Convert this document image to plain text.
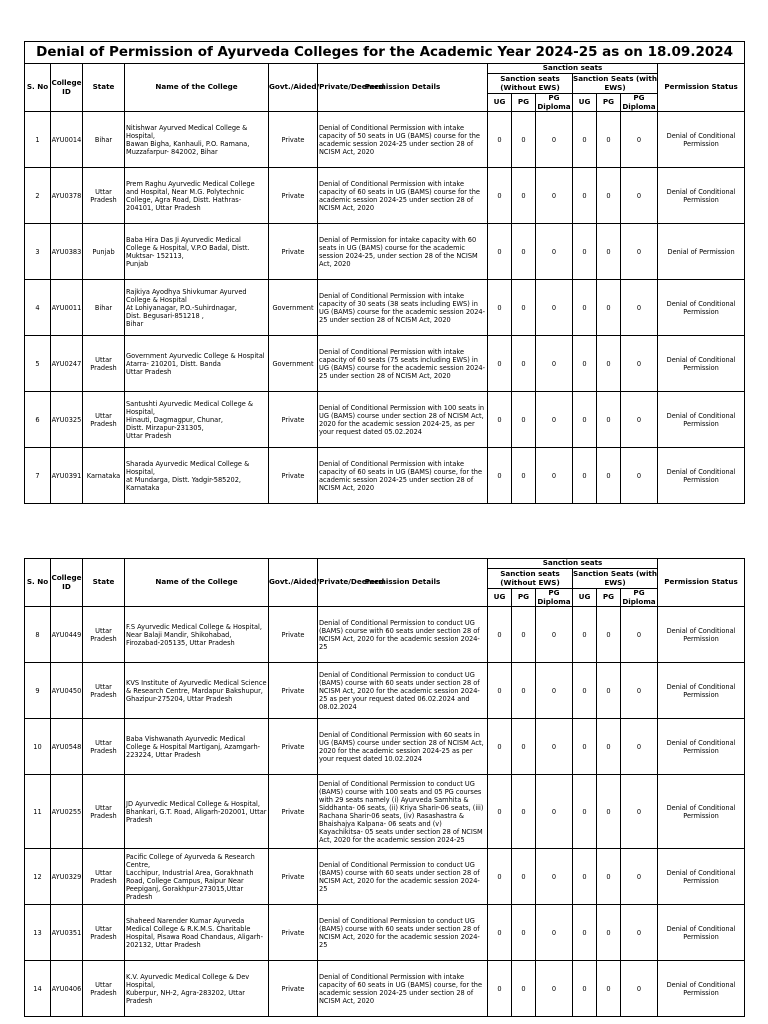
Denial of Permission of Ayurveda Colleges for the Academic Year 2024-25 as on 18.09.2024												
S. No	College ID	State	Name of the College	Govt./Aided/Private/Deemed	Permission Details	Sanction seats						Permission Status
						Sanction seats (Without EWS)			Sanction Seats (with EWS)			
						UG	PG	PG Diploma	UG	PG	PG Diploma	
1	AYU0014	Bihar	Nitishwar Ayurved Medical College & Hospital,
Bawan Bigha, Kanhauli, P.O. Ramana, Muzzafarpur- 842002, Bihar	Private	Denial of Conditional Permission with intake capacity of 50 seats in UG (BAMS) course for the academic session 2024-25 under section 28 of NCISM Act, 2020	0	0	0	0	0	0	Denial of Conditional Permission
2	AYU0378	Uttar Pradesh	Prem Raghu Ayurvedic Medical College and Hospital, Near M.G. Polytechnic College, Agra Road, Distt. Hathras-204101, Uttar Pradesh	Private	Denial of Conditional Permission with intake capacity of 60 seats in UG (BAMS) course for the academic session 2024-25 under section 28 of NCISM Act, 2020	0	0	0	0	0	0	Denial of Conditional Permission
3	AYU0383	Punjab	Baba Hira Das Ji Ayurvedic Medical College & Hospital, V.P.O Badal, Distt. Muktsar- 152113,
Punjab	Private	Denial of Permission for intake capacity with 60 seats in UG (BAMS) course for the academic session 2024-25, under section 28 of the NCISM Act, 2020	0	0	0	0	0	0	Denial of Permission
4	AYU0011	Bihar	Rajkiya Ayodhya Shivkumar Ayurved College & Hospital
At Lohiyanagar, P.O.-Suhirdnagar,
Dist. Begusari-851218 ,
Bihar	Government	Denial of Conditional Permission with intake capacity of 30 seats (38 seats including EWS) in UG (BAMS) course for the academic session 2024-25 under section 28 of NCISM Act, 2020	0	0	0	0	0	0	Denial of Conditional Permission
5	AYU0247	Uttar Pradesh	Government Ayurvedic College & Hospital Atarra- 210201, Distt. Banda
Uttar Pradesh	Government	Denial of Conditional Permission with intake capacity of 60 seats (75 seats including EWS) in UG (BAMS) course for the academic session 2024-25 under section 28 of NCISM Act, 2020	0	0	0	0	0	0	Denial of Conditional Permission
6	AYU0325	Uttar Pradesh	Santushti Ayurvedic Medical College & Hospital,
Hinauti, Dagmagpur, Chunar,
Distt. Mirzapur-231305,
Uttar Pradesh	Private	Denial of Conditional Permission with 100 seats in UG (BAMS) course under section 28 of NCISM Act, 2020 for the academic session 2024-25, as per your request dated 05.02.2024	0	0	0	0	0	0	Denial of Conditional Permission
7	AYU0391	Karnataka	Sharada Ayurvedic Medical College & Hospital,
at Mundarga, Distt. Yadgir-585202,
Karnataka	Private	Denial of Conditional Permission with intake capacity of 60 seats in UG (BAMS) course, for the academic session 2024-25 under section 28 of NCISM Act, 2020	0	0	0	0	0	0	Denial of Conditional Permission
S. No	College ID	State	Name of the College	Govt./Aided/Private/Deemed	Permission Details	Sanction seats						Permission Status
						Sanction seats (Without EWS)			Sanction Seats (with EWS)			
						UG	PG	PG Diploma	UG	PG	PG Diploma	
8	AYU0449	Uttar Pradesh	F.S Ayurvedic Medical College & Hospital, Near Balaji Mandir, Shikohabad, Firozabad-205135, Uttar Pradesh	Private	Denial of Conditional Permission to conduct UG (BAMS) course with 60 seats under section 28 of NCISM Act, 2020 for the academic session 2024-25	0	0	0	0	0	0	Denial of Conditional Permission
9	AYU0450	Uttar Pradesh	KVS Institute of Ayurvedic Medical Science & Research Centre, Mardapur Bakshupur, Ghazipur-275204, Uttar Pradesh	Private	Denial of Conditional Permission to conduct UG (BAMS) course with 60 seats under section 28 of NCISM Act, 2020 for the academic session 2024-25 as per your request dated 06.02.2024 and 08.02.2024	0	0	0	0	0	0	Denial of Conditional Permission
10	AYU0548	Uttar Pradesh	Baba Vishwanath Ayurvedic Medical College & Hospital Martiganj, Azamgarh-223224, Uttar Pradesh	Private	Denial of Conditional Permission with 60 seats in UG (BAMS) course under section 28 of NCISM Act, 2020 for the academic session 2024-25 as per your request dated 10.02.2024	0	0	0	0	0	0	Denial of Conditional Permission
11	AYU0255	Uttar Pradesh	JD Ayurvedic Medical College & Hospital, Bhankari, G.T. Road, Aligarh-202001, Uttar Pradesh	Private	Denial of Conditional Permission to conduct UG (BAMS) course with 100 seats and 05 PG courses with 29 seats namely (i) Ayurveda Samhita & Siddhanta- 06 seats, (ii) Kriya Sharir-06 seats, (iii) Rachana Sharir-06 seats, (iv) Rasashastra & Bhaishajya Kalpana- 06 seats and (v) Kayachikitsa- 05 seats under section 28 of NCISM Act, 2020 for the academic session 2024-25	0	0	0	0	0	0	Denial of Conditional Permission
12	AYU0329	Uttar Pradesh	Pacific College of Ayurveda & Research Centre,
Lacchipur, Industrial Area, Gorakhnath Road, College Campus, Raipur Near Peepiganj, Gorakhpur-273015,Uttar Pradesh	Private	Denial of Conditional Permission to conduct UG (BAMS) course with 60 seats under section 28 of NCISM Act, 2020 for the academic session 2024-25	0	0	0	0	0	0	Denial of Conditional Permission
13	AYU0351	Uttar Pradesh	Shaheed Narender Kumar Ayurveda Medical College & R.K.M.S. Charitable Hospital, Pisawa Road Chandaus, Aligarh-202132, Uttar Pradesh	Private	Denial of Conditional Permission to conduct UG (BAMS) course with 60 seats under section 28 of NCISM Act, 2020 for the academic session 2024-25	0	0	0	0	0	0	Denial of Conditional Permission
14	AYU0406	Uttar Pradesh	K.V. Ayurvedic Medical College & Dev Hospital,
Kuberpur, NH-2, Agra-283202, Uttar Pradesh	Private	Denial of Conditional Permission with intake capacity of 60 seats in UG (BAMS) course, for the academic session 2024-25 under section 28 of NCISM Act, 2020	0	0	0	0	0	0	Denial of Conditional Permission
